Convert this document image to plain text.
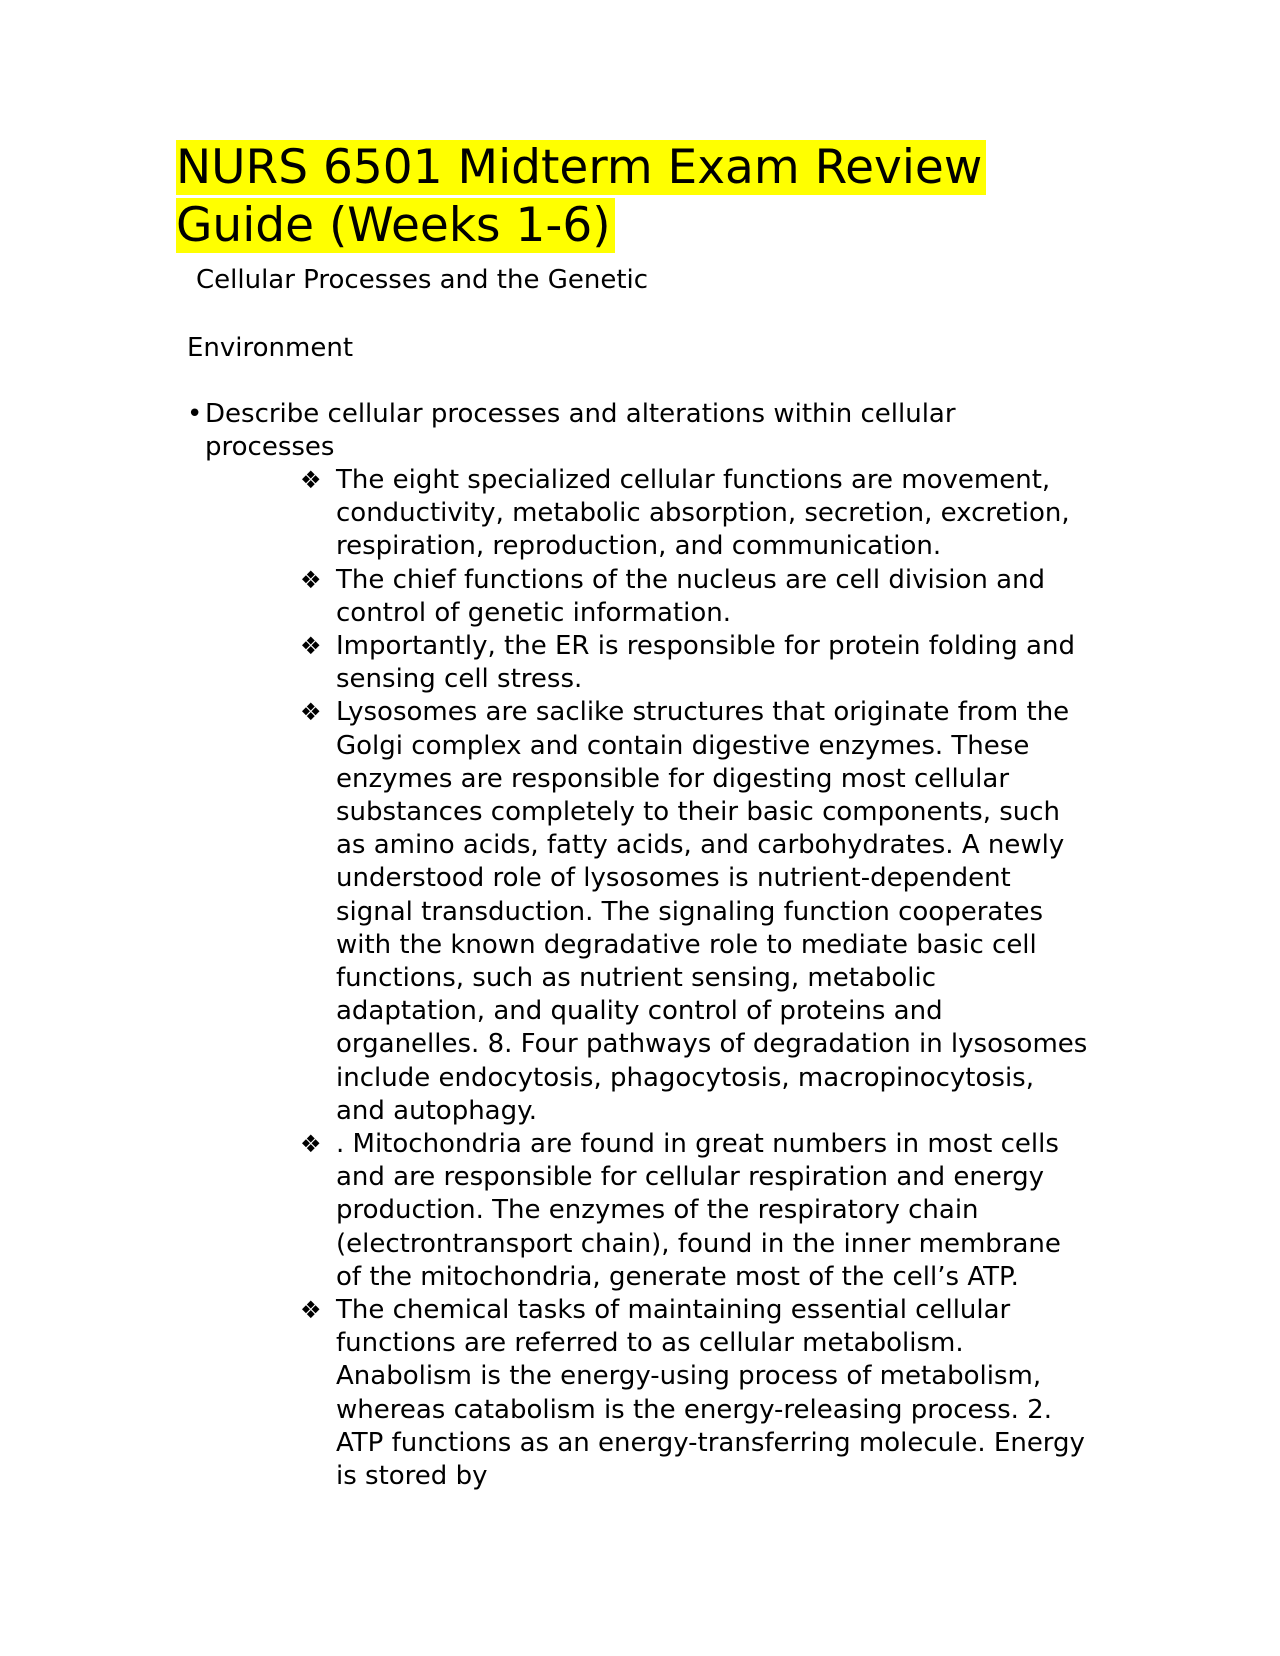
NURS 6501 Midterm Exam Review Guide (Weeks 1-6)

Cellular Processes and the Genetic

Environment

• Describe cellular processes and alterations within cellular processes
❖ The eight specialized cellular functions are movement, conductivity, metabolic absorption, secretion, excretion, respiration, reproduction, and communication.
❖ The chief functions of the nucleus are cell division and control of genetic information.
❖ Importantly, the ER is responsible for protein folding and sensing cell stress.
❖ Lysosomes are saclike structures that originate from the Golgi complex and contain digestive enzymes. These enzymes are responsible for digesting most cellular substances completely to their basic components, such as amino acids, fatty acids, and carbohydrates. A newly understood role of lysosomes is nutrient-dependent signal transduction. The signaling function cooperates with the known degradative role to mediate basic cell functions, such as nutrient sensing, metabolic adaptation, and quality control of proteins and organelles. 8. Four pathways of degradation in lysosomes include endocytosis, phagocytosis, macropinocytosis, and autophagy.
❖ . Mitochondria are found in great numbers in most cells and are responsible for cellular respiration and energy production. The enzymes of the respiratory chain (electrontransport chain), found in the inner membrane of the mitochondria, generate most of the cell’s ATP.
❖ The chemical tasks of maintaining essential cellular functions are referred to as cellular metabolism. Anabolism is the energy-using process of metabolism, whereas catabolism is the energy-releasing process. 2. ATP functions as an energy-transferring molecule. Energy is stored by
